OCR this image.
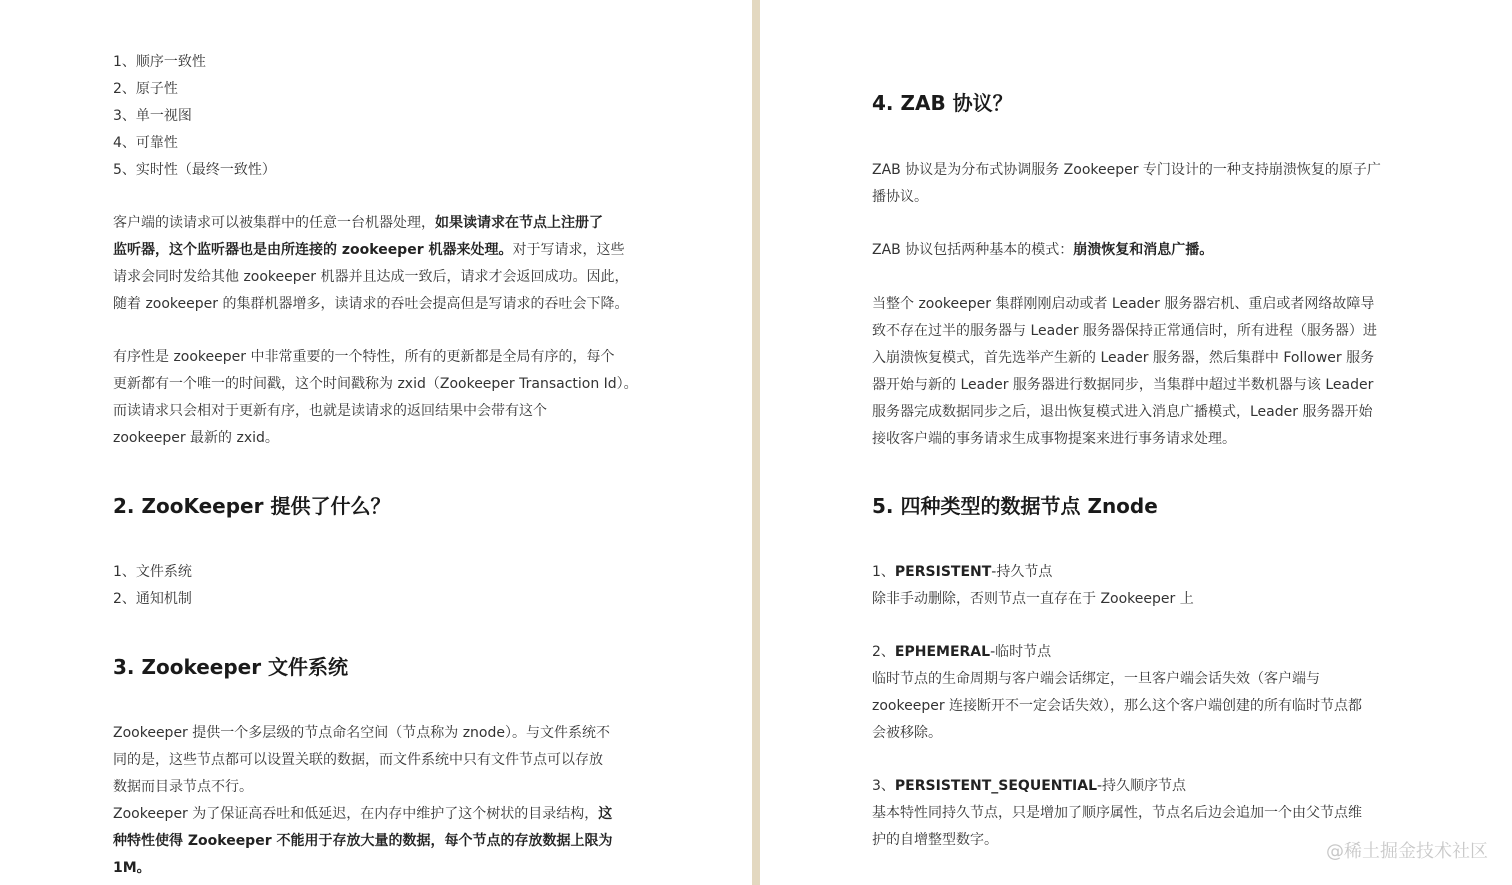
1、顺序一致性
2、原子性
3、单一视图
4、可靠性
5、实时性（最终一致性）
客户端的读请求可以被集群中的任意一台机器处理，如果读请求在节点上注册了
监听器，这个监听器也是由所连接的 zookeeper 机器来处理。对于写请求，这些
请求会同时发给其他 zookeeper 机器并且达成一致后，请求才会返回成功。因此，
随着 zookeeper 的集群机器增多，读请求的吞吐会提高但是写请求的吞吐会下降。
有序性是 zookeeper 中非常重要的一个特性，所有的更新都是全局有序的，每个
更新都有一个唯一的时间戳，这个时间戳称为 zxid（Zookeeper Transaction Id）。
而读请求只会相对于更新有序，也就是读请求的返回结果中会带有这个
zookeeper 最新的 zxid。
2. ZooKeeper 提供了什么？
1、文件系统
2、通知机制
3. Zookeeper 文件系统
Zookeeper 提供一个多层级的节点命名空间（节点称为 znode）。与文件系统不
同的是，这些节点都可以设置关联的数据，而文件系统中只有文件节点可以存放
数据而目录节点不行。
Zookeeper 为了保证高吞吐和低延迟，在内存中维护了这个树状的目录结构，这
种特性使得 Zookeeper 不能用于存放大量的数据，每个节点的存放数据上限为
1M。
4. ZAB 协议？
ZAB 协议是为分布式协调服务 Zookeeper 专门设计的一种支持崩溃恢复的原子广
播协议。
ZAB 协议包括两种基本的模式：崩溃恢复和消息广播。
当整个 zookeeper 集群刚刚启动或者 Leader 服务器宕机、重启或者网络故障导
致不存在过半的服务器与 Leader 服务器保持正常通信时，所有进程（服务器）进
入崩溃恢复模式，首先选举产生新的 Leader 服务器，然后集群中 Follower 服务
器开始与新的 Leader 服务器进行数据同步，当集群中超过半数机器与该 Leader
服务器完成数据同步之后，退出恢复模式进入消息广播模式，Leader 服务器开始
接收客户端的事务请求生成事物提案来进行事务请求处理。
5. 四种类型的数据节点 Znode
1、PERSISTENT-持久节点
除非手动删除，否则节点一直存在于 Zookeeper 上
2、EPHEMERAL-临时节点
临时节点的生命周期与客户端会话绑定，一旦客户端会话失效（客户端与
zookeeper 连接断开不一定会话失效），那么这个客户端创建的所有临时节点都
会被移除。
3、PERSISTENT_SEQUENTIAL-持久顺序节点
基本特性同持久节点，只是增加了顺序属性，节点名后边会追加一个由父节点维
护的自增整型数字。
@稀土掘金技术社区
